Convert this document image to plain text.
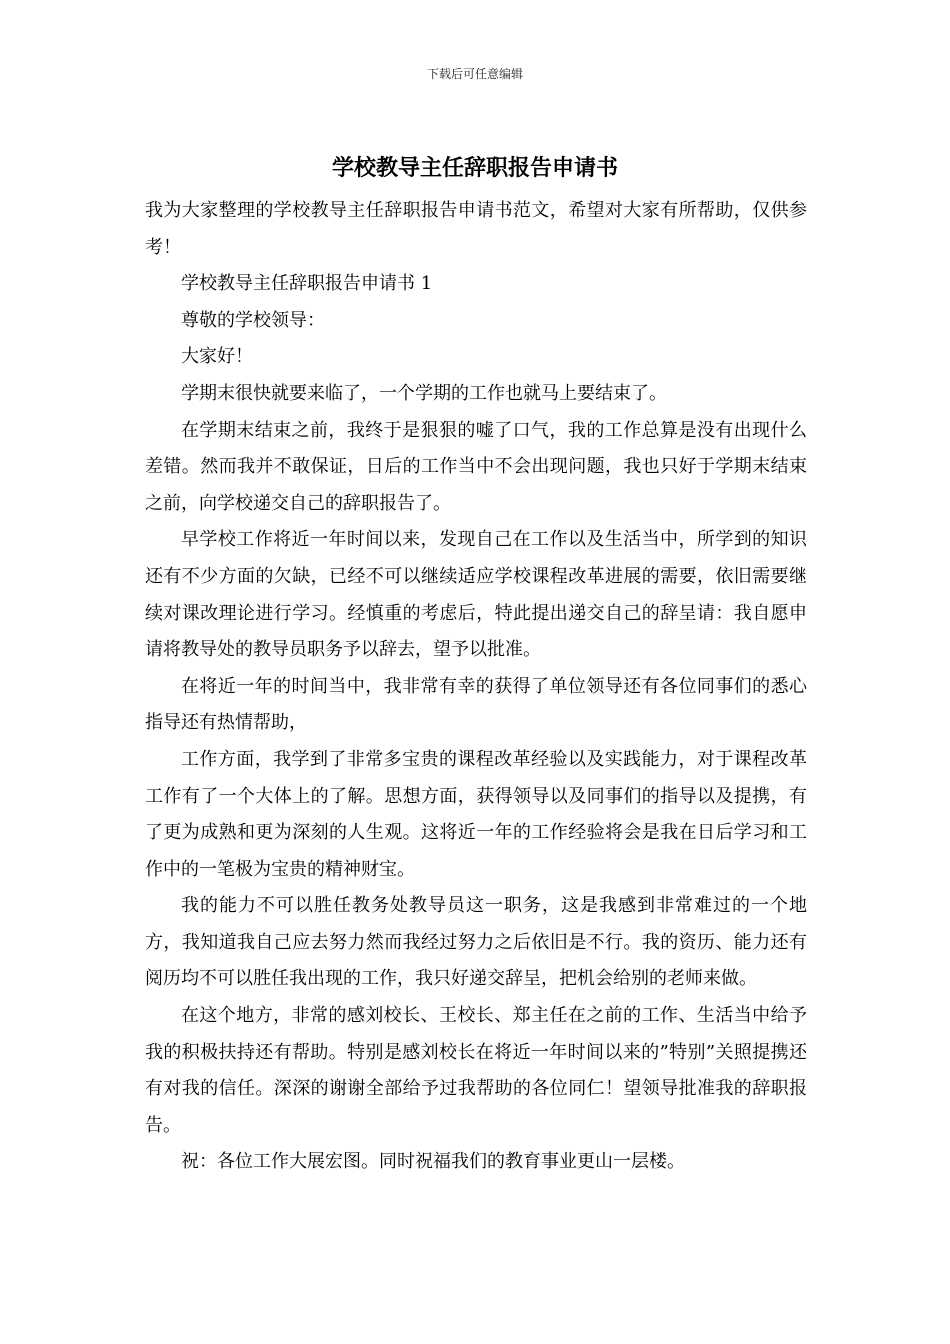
下载后可任意编辑
学校教导主任辞职报告申请书

我为大家整理的学校教导主任辞职报告申请书范文，希望对大家有所帮助，仅供参考！

学校教导主任辞职报告申请书 1

尊敬的学校领导：

大家好！

学期末很快就要来临了，一个学期的工作也就马上要结束了。

在学期末结束之前，我终于是狠狠的嘘了口气，我的工作总算是没有出现什么差错。然而我并不敢保证，日后的工作当中不会出现问题，我也只好于学期末结束之前，向学校递交自己的辞职报告了。

早学校工作将近一年时间以来，发现自己在工作以及生活当中，所学到的知识还有不少方面的欠缺，已经不可以继续适应学校课程改革进展的需要，依旧需要继续对课改理论进行学习。经慎重的考虑后，特此提出递交自己的辞呈请：我自愿申请将教导处的教导员职务予以辞去，望予以批准。

在将近一年的时间当中，我非常有幸的获得了单位领导还有各位同事们的悉心指导还有热情帮助，

工作方面，我学到了非常多宝贵的课程改革经验以及实践能力，对于课程改革工作有了一个大体上的了解。思想方面，获得领导以及同事们的指导以及提携，有了更为成熟和更为深刻的人生观。这将近一年的工作经验将会是我在日后学习和工作中的一笔极为宝贵的精神财宝。

我的能力不可以胜任教务处教导员这一职务，这是我感到非常难过的一个地方，我知道我自己应去努力然而我经过努力之后依旧是不行。我的资历、能力还有阅历均不可以胜任我出现的工作，我只好递交辞呈，把机会给别的老师来做。

在这个地方，非常的感刘校长、王校长、郑主任在之前的工作、生活当中给予我的积极扶持还有帮助。特别是感刘校长在将近一年时间以来的”特别”关照提携还有对我的信任。深深的谢谢全部给予过我帮助的各位同仁！望领导批准我的辞职报告。

祝：各位工作大展宏图。同时祝福我们的教育事业更山一层楼。
